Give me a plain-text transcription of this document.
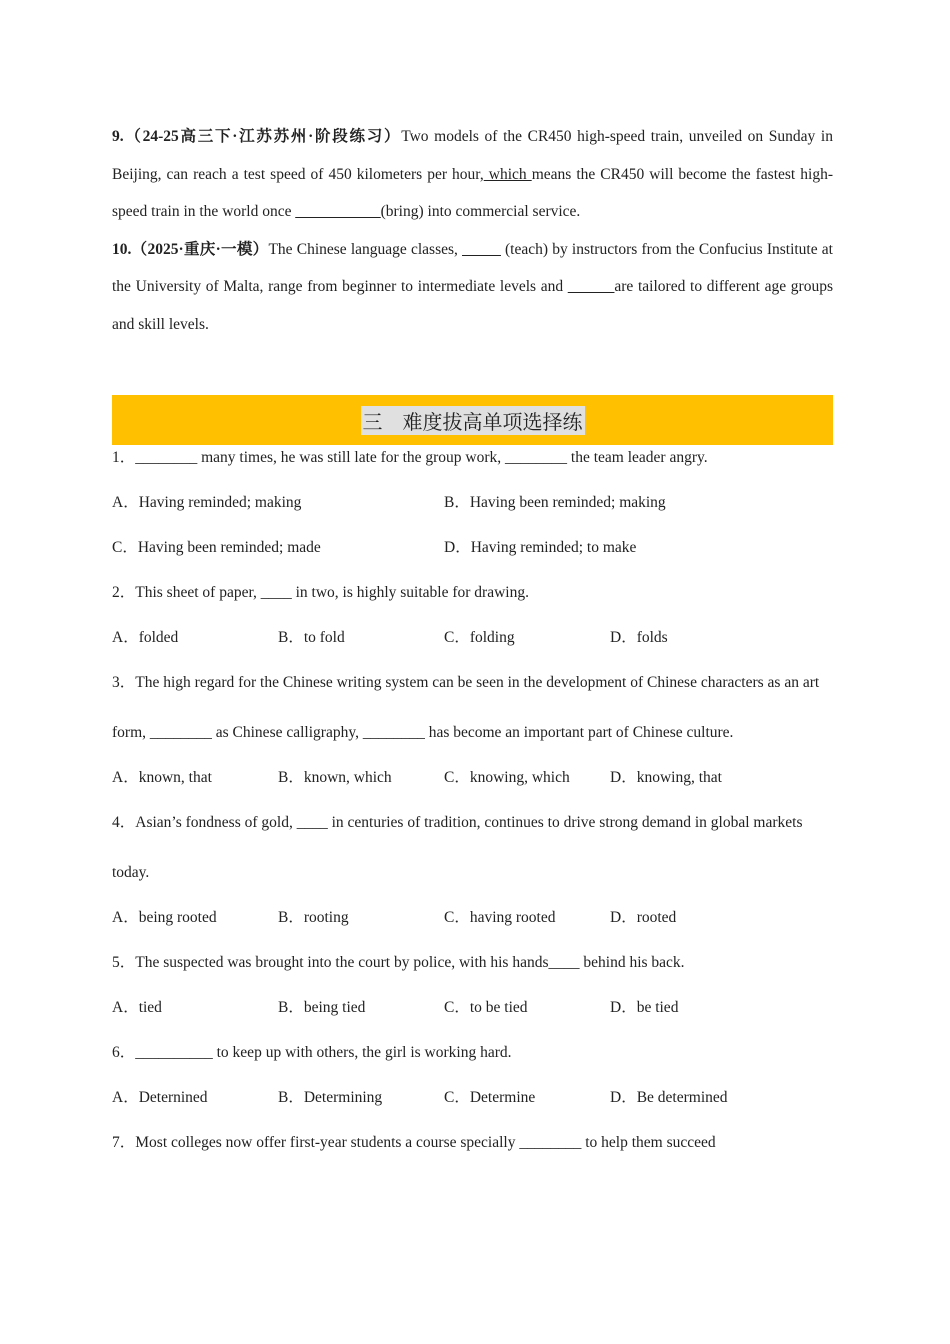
9.（24-25高三下·江苏苏州·阶段练习）Two models of the CR450 high-speed train, unveiled on Sunday in Beijing, can reach a test speed of 450 kilometers per hour, which means the CR450 will become the fastest high-speed train in the world once ___________(bring) into commercial service.

10.（2025·重庆·一模）The Chinese language classes, _____ (teach) by instructors from the Confucius Institute at the University of Malta, range from beginner to intermediate levels and ______are tailored to different age groups and skill levels.

三　难度拔高单项选择练

1．________ many times, he was still late for the group work, ________ the team leader angry.

A．Having reminded; making	B．Having been reminded; making
C．Having been reminded; made	D．Having reminded; to make

2．This sheet of paper, ____ in two, is highly suitable for drawing.

A．folded	B．to fold	C．folding	D．folds

3．The high regard for the Chinese writing system can be seen in the development of Chinese characters as an art form, ________ as Chinese calligraphy, ________ has become an important part of Chinese culture.

A．known, that	B．known, which	C．knowing, which	D．knowing, that

4．Asian’s fondness of gold, ____ in centuries of tradition, continues to drive strong demand in global markets today.

A．being rooted	B．rooting	C．having rooted	D．rooted

5．The suspected was brought into the court by police, with his hands____ behind his back.

A．tied	B．being tied	C．to be tied	D．be tied

6．__________ to keep up with others, the girl is working hard.

A．Deternined	B．Determining	C．Determine	D．Be determined

7．Most colleges now offer first-year students a course specially ________ to help them succeed
